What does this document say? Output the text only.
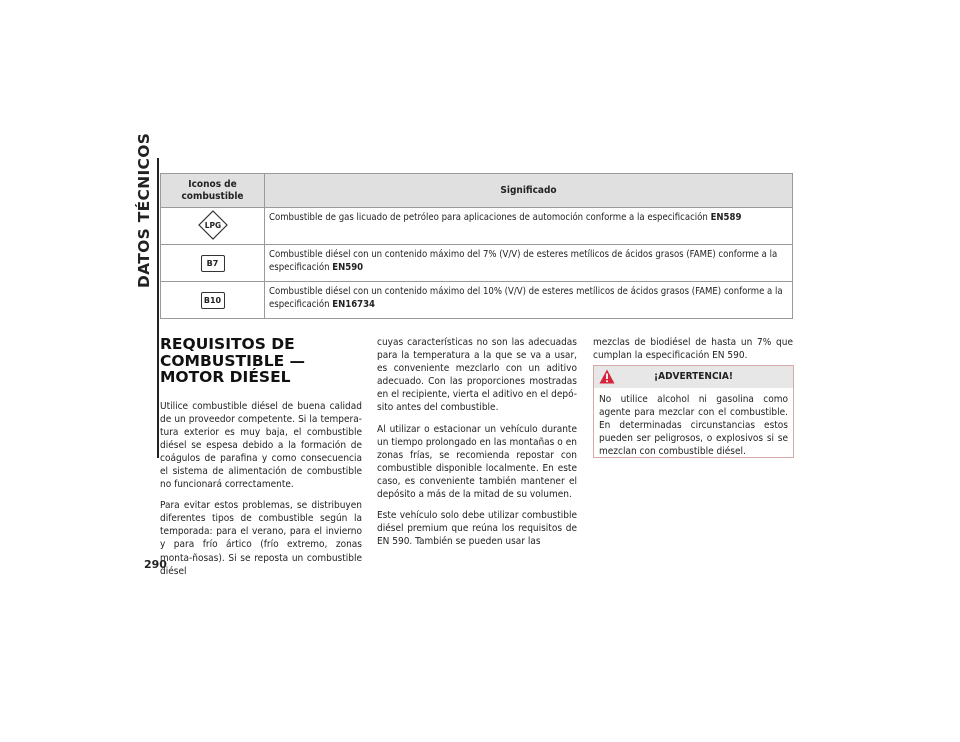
DATOS TÉCNICOS
290
Iconos de combustible	Significado

LPG	Combustible de gas licuado de petróleo para aplicaciones de automoción conforme a la especificación EN589
B7	Combustible diésel con un contenido máximo del 7% (V/V) de esteres metílicos de ácidos grasos (FAME) conforme a la especificación EN590
B10	Combustible diésel con un contenido máximo del 10% (V/V) de esteres metílicos de ácidos grasos (FAME) conforme a la especificación EN16734
REQUISITOS DE COMBUSTIBLE — MOTOR DIÉSEL

Utilice combustible diésel de buena calidad de un proveedor competente. Si la tempera-tura exterior es muy baja, el combustible diésel se espesa debido a la formación de coágulos de parafina y como consecuencia el sistema de alimentación de combustible no funcionará correctamente.

Para evitar estos problemas, se distribuyen diferentes tipos de combustible según la temporada: para el verano, para el invierno y para frío ártico (frío extremo, zonas monta-ñosas). Si se reposta un combustible diésel

cuyas características no son las adecuadas para la temperatura a la que se va a usar, es conveniente mezclarlo con un aditivo adecuado. Con las proporciones mostradas en el recipiente, vierta el aditivo en el depó-sito antes del combustible.

Al utilizar o estacionar un vehículo durante un tiempo prolongado en las montañas o en zonas frías, se recomienda repostar con combustible disponible localmente. En este caso, es conveniente también mantener el depósito a más de la mitad de su volumen.

Este vehículo solo debe utilizar combustible diésel premium que reúna los requisitos de EN 590. También se pueden usar las

mezclas de biodiésel de hasta un 7% que cumplan la especificación EN 590.

¡ADVERTENCIA!
No utilice alcohol ni gasolina como agente para mezclar con el combustible. En determinadas circunstancias estos pueden ser peligrosos, o explosivos si se mezclan con combustible diésel.
